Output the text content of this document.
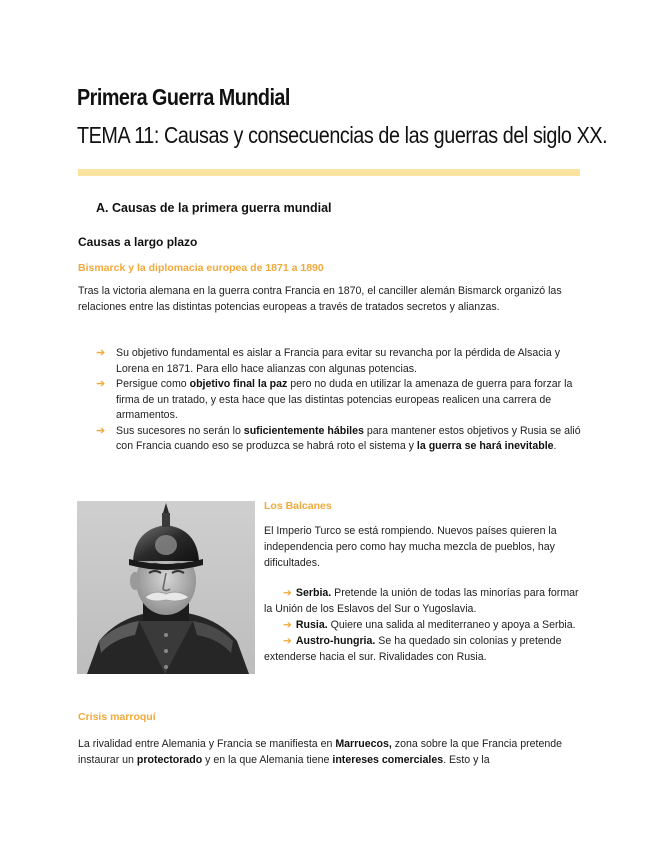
Primera Guerra Mundial
TEMA 11: Causas y consecuencias de las guerras del siglo XX.
A. Causas de la primera guerra mundial
Causas a largo plazo
Bismarck y la diplomacia europea de 1871 a 1890

Tras la victoria alemana en la guerra contra Francia en 1870, el canciller alemán Bismarck organizó las relaciones entre las distintas potencias europeas a través de tratados secretos y alianzas.

➔ Su objetivo fundamental es aislar a Francia para evitar su revancha por la pérdida de Alsacia y Lorena en 1871. Para ello hace alianzas con algunas potencias.
➔ Persigue como objetivo final la paz pero no duda en utilizar la amenaza de guerra para forzar la firma de un tratado, y esta hace que las distintas potencias europeas realicen una carrera de armamentos.
➔ Sus sucesores no serán lo suficientemente hábiles para mantener estos objetivos y Rusia se alió con Francia cuando eso se produzca se habrá roto el sistema y la guerra se hará inevitable.
Los Balcanes

El Imperio Turco se está rompiendo. Nuevos países quieren la independencia pero como hay mucha mezcla de pueblos, hay dificultades.

➔ Serbia. Pretende la unión de todas las minorías para formar la Unión de los Eslavos del Sur o Yugoslavia.
➔ Rusia. Quiere una salida al mediterraneo y apoya a Serbia.
➔ Austro-hungria. Se ha quedado sin colonias y pretende extenderse hacia el sur. Rivalidades con Rusia.
Crisis marroquí

La rivalidad entre Alemania y Francia se manifiesta en Marruecos, zona sobre la que Francia pretende instaurar un protectorado y en la que Alemania tiene intereses comerciales. Esto y la
